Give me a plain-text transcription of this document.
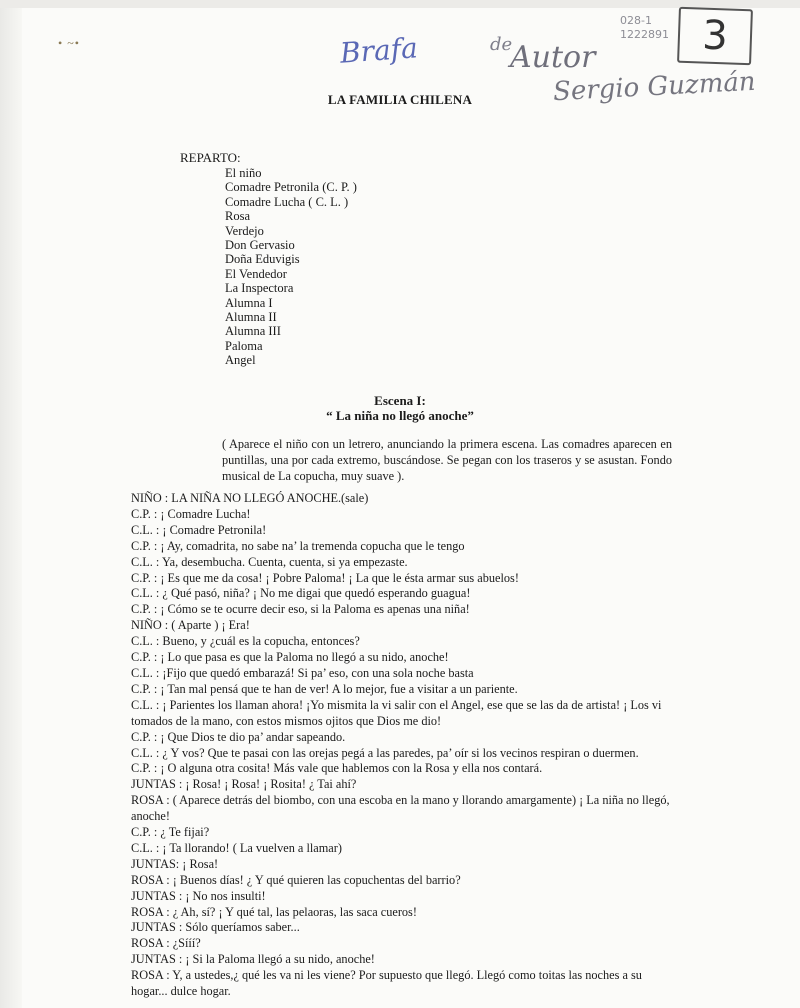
• ~•	Brafa	de
Autor
Sergio Guzmán
028-1
1222891 3
LA FAMILIA CHILENA
REPARTO:
El niño
Comadre Petronila (C. P. )
Comadre Lucha ( C. L. )
Rosa
Verdejo
Don Gervasio
Doña Eduvigis
El Vendedor
La Inspectora
Alumna I
Alumna II
Alumna III
Paloma
Angel
Escena I:
“ La niña no llegó anoche”
( Aparece el niño con un letrero, anunciando la primera escena. Las comadres aparecen en puntillas, una por cada extremo, buscándose. Se pegan con los traseros y se asustan. Fondo musical de La copucha, muy suave ).
NIÑO : LA NIÑA NO LLEGÓ ANOCHE.(sale)
C.P. : ¡ Comadre Lucha!
C.L. : ¡ Comadre Petronila!
C.P. : ¡ Ay, comadrita, no sabe na’ la tremenda copucha que le tengo
C.L. : Ya, desembucha. Cuenta, cuenta, si ya empezaste.
C.P. : ¡ Es que me da cosa! ¡ Pobre Paloma! ¡ La que le ésta armar sus abuelos!
C.L. : ¿ Qué pasó, niña? ¡ No me digai que quedó esperando guagua!
C.P. : ¡ Cómo se te ocurre decir eso, si la Paloma es apenas una niña!
NIÑO : ( Aparte ) ¡ Era!
C.L. : Bueno, y ¿cuál es la copucha, entonces?
C.P. : ¡ Lo que pasa es que la Paloma no llegó a su nido, anoche!
C.L. : ¡Fijo que quedó embarazá! Si pa’ eso, con una sola noche basta
C.P. : ¡ Tan mal pensá que te han de ver! A lo mejor, fue a visitar a un pariente.
C.L. : ¡ Parientes los llaman ahora! ¡Yo mismita la vi salir con el Angel, ese que se las da de artista! ¡ Los vi tomados de la mano, con estos mismos ojitos que Dios me dio!
C.P. : ¡ Que Dios te dio pa’ andar sapeando.
C.L. : ¿ Y vos? Que te pasai con las orejas pegá a las paredes, pa’ oír si los vecinos respiran o duermen.
C.P. : ¡ O alguna otra cosita! Más vale que hablemos con la Rosa y ella nos contará.
JUNTAS : ¡ Rosa! ¡ Rosa! ¡ Rosita! ¿ Tai ahí?
ROSA : ( Aparece detrás del biombo, con una escoba en la mano y llorando amargamente) ¡ La niña no llegó, anoche!
C.P. : ¿ Te fijai?
C.L. : ¡ Ta llorando! ( La vuelven a llamar)
JUNTAS: ¡ Rosa!
ROSA : ¡ Buenos días! ¿ Y qué quieren las copuchentas del barrio?
JUNTAS : ¡ No nos insulti!
ROSA : ¿ Ah, sí? ¡ Y qué tal, las pelaoras, las saca cueros!
JUNTAS : Sólo queríamos saber...
ROSA : ¿Sííí?
JUNTAS : ¡ Si la Paloma llegó a su nido, anoche!
ROSA : Y, a ustedes,¿ qué les va ni les viene? Por supuesto que llegó. Llegó como toitas las noches a su hogar... dulce hogar.
